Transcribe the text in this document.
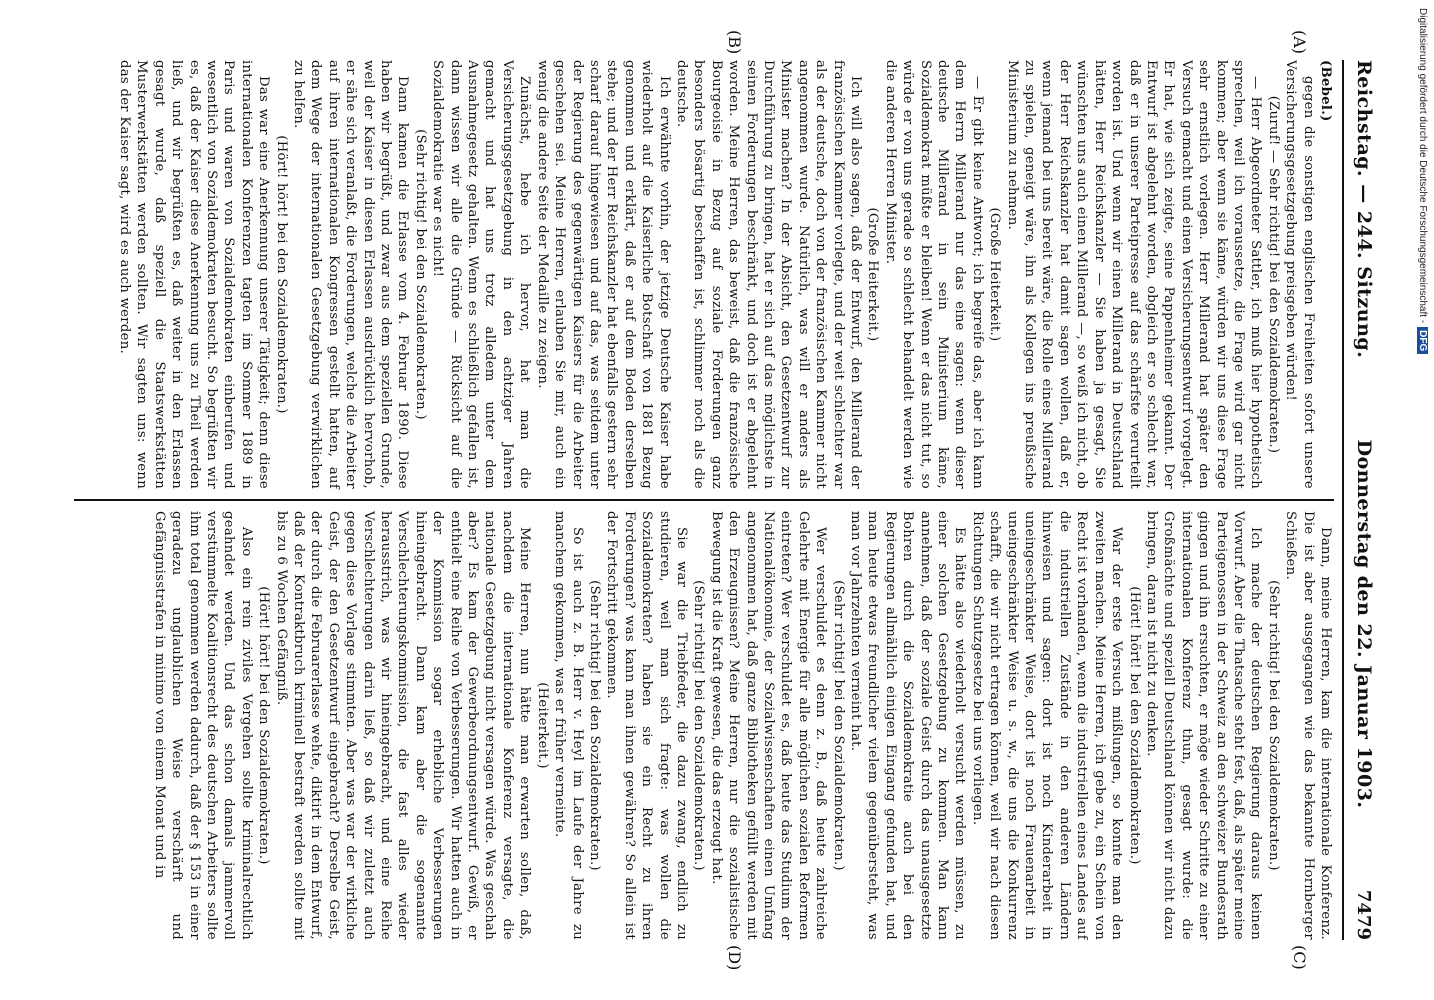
Reichstag. — 244. Sitzung.
Donnerstag den 22. Januar 1903.
7479
(A)
(B)
(C)
(D)

(Bebel.)

gegen die sonstigen englischen Freiheiten sofort unsere Versicherungsgesetzgebung preisgeben würden!

(Zuruf! — Sehr richtig! bei den Sozialdemokraten.)

— Herr Abgeordneter Sattler, ich muß hier hypothetisch sprechen, weil ich voraussetze, die Frage wird gar nicht kommen; aber wenn sie käme, würden wir uns diese Frage sehr ernstlich vorlegen. Herr Millerand hat später den Versuch gemacht und einen Versicherungsentwurf vorgelegt. Er hat, wie sich zeigte, seine Pappenheimer gekannt. Der Entwurf ist abgelehnt worden, obgleich er so schlecht war, daß er in unserer Parteipresse auf das schärfste verurteilt worden ist. Und wenn wir einen Millerand in Deutschland hätten, Herr Reichskanzler — Sie haben ja gesagt, Sie wünschten uns auch einen Millerand —, so weiß ich nicht, ob der Herr Reichskanzler hat damit sagen wollen, daß er, wenn jemand bei uns bereit wäre, die Rolle eines Millerand zu spielen, geneigt wäre, ihn als Kollegen ins preußische Ministerium zu nehmen.

(Große Heiterkeit.)

— Er gibt keine Antwort; ich begreife das, aber ich kann dem Herrn Millerand nur das eine sagen: wenn dieser deutsche Millerand in sein Ministerium käme, Sozialdemokrat müßte er bleiben! Wenn er das nicht tut, so würde er von uns gerade so schlecht behandelt werden wie die anderen Herren Minister.

(Große Heiterkeit.)

Ich will also sagen, daß der Entwurf, den Millerand der französischen Kammer vorlegte, und der weit schlechter war als der deutsche, doch von der französischen Kammer nicht angenommen wurde. Natürlich, was will er anders als Minister machen? In der Absicht, den Gesetzentwurf zur Durchführung zu bringen, hat er sich auf das möglichste in seinen Forderungen beschränkt, und doch ist er abgelehnt worden. Meine Herren, das beweist, daß die französische Bourgeoisie in Bezug auf soziale Forderungen ganz besonders bösartig beschaffen ist, schlimmer noch als die deutsche.

Ich erwähnte vorhin, der jetzige Deutsche Kaiser habe wiederholt auf die Kaiserliche Botschaft von 1881 Bezug genommen und erklärt, daß er auf dem Boden derselben stehe; und der Herr Reichskanzler hat ebenfalls gestern sehr scharf darauf hingewiesen und auf das, was seitdem unter der Regierung des gegenwärtigen Kaisers für die Arbeiter geschehen sei. Meine Herren, erlauben Sie mir, auch ein wenig die andere Seite der Medaille zu zeigen.

Zunächst, hebe ich hervor, hat man die Versicherungsgesetzgebung in den achtziger Jahren gemacht und hat uns trotz alledem unter dem Ausnahmegesetz gehalten. Wenn es schließlich gefallen ist, dann wissen wir alle die Gründe — Rücksicht auf die Sozialdemokratie war es nicht!

(Sehr richtig! bei den Sozialdemokraten.)

Dann kamen die Erlasse vom 4. Februar 1890. Diese haben wir begrüßt, und zwar aus dem speziellen Grunde, weil der Kaiser in diesen Erlassen ausdrücklich hervorhob, er sähe sich veranlaßt, die Forderungen, welche die Arbeiter auf ihren internationalen Kongressen gestellt hatten, auf dem Wege der internationalen Gesetzgebung verwirklichen zu helfen.

(Hört! hört! bei den Sozialdemokraten.)

Das war eine Anerkennung unserer Tätigkeit; denn diese internationalen Konferenzen tagten im Sommer 1889 in Paris und waren von Sozialdemokraten einberufen und wesentlich von Sozialdemokraten besucht. So begrüßten wir es, daß der Kaiser diese Anerkennung uns zu Theil werden ließ, und wir begrüßten es, daß weiter in den Erlassen gesagt wurde, daß speziell die Staatswerkstätten Musterwerkstätten werden sollten. Wir sagten uns: wenn das der Kaiser sagt, wird es auch werden.

Dann, meine Herren, kam die internationale Konferenz. Die ist aber ausgegangen wie das bekannte Hornberger Schießen.

(Sehr richtig! bei den Sozialdemokraten.)

Ich mache der deutschen Regierung daraus keinen Vorwurf. Aber die Thatsache steht fest, daß, als später meine Parteigenossen in der Schweiz an den schweizer Bundesrath gingen und ihn ersuchten, er möge wieder Schritte zu einer internationalen Konferenz thun, gesagt wurde: die Großmächte und speziell Deutschland können wir nicht dazu bringen, daran ist nicht zu denken.

(Hört! hört! bei den Sozialdemokraten.)

War der erste Versuch mißlungen, so konnte man den zweiten machen. Meine Herren, ich gebe zu, ein Schein von Recht ist vorhanden, wenn die industriellen eines Landes auf die industriellen Zustände in den anderen Ländern hinweisen und sagen: dort ist noch Kinderarbeit in uneingeschränkter Weise, dort ist noch Frauenarbeit in uneingeschränkter Weise u. s. w., die uns die Konkurrenz schafft, die wir nicht ertragen können, weil wir nach diesen Richtungen Schutzgesetze bei uns vorliegen.

Es hätte also wiederholt versucht werden müssen, zu einer solchen Gesetzgebung zu kommen. Man kann annehmen, daß der soziale Geist durch das unausgesetzte Bohren durch die Sozialdemokratie auch bei den Regierungen allmählich einigen Eingang gefunden hat, und man heute etwas freundlicher vielem gegenübersteht, was man vor Jahrzehnten verneint hat.

(Sehr richtig! bei den Sozialdemokraten.)

Wer verschuldet es denn z. B., daß heute zahlreiche Gelehrte mit Energie für alle möglichen sozialen Reformen eintreten? Wer verschuldet es, daß heute das Studium der Nationalökonomie, der Sozialwissenschaften einen Umfang angenommen hat, daß ganze Bibliotheken gefüllt werden mit den Erzeugnissen? Meine Herren, nur die sozialistische Bewegung ist die Kraft gewesen, die das erzeugt hat.

(Sehr richtig! bei den Sozialdemokraten.)

Sie war die Triebfeder, die dazu zwang, endlich zu studieren, weil man sich fragte: was wollen die Sozialdemokraten? haben sie ein Recht zu ihren Forderungen? was kann man ihnen gewähren? So allein ist der Fortschritt gekommen.

(Sehr richtig! bei den Sozialdemokraten.)

So ist auch z. B. Herr v. Heyl im Laufe der Jahre zu manchem gekommen, was er früher verneinte.

(Heiterkeit.)

Meine Herren, nun hätte man erwarten sollen, daß, nachdem die internationale Konferenz versagte, die nationale Gesetzgebung nicht versagen würde. Was geschah aber? Es kam der Gewerbeordnungsentwurf. Gewiß, er enthielt eine Reihe von Verbesserungen. Wir hatten auch in der Kommission sogar erhebliche Verbesserungen hineingebracht. Dann kam aber die sogenannte Verschlechterungskommission, die fast alles wieder herausstrich, was wir hineingebracht, und eine Reihe Verschlechterungen darin ließ, so daß wir zuletzt auch gegen diese Vorlage stimmten. Aber was war der wirkliche Geist, der den Gesetzentwurf eingebracht? Derselbe Geist, der durch die Februarerlasse wehte, diktirt in dem Entwurf, daß der Kontraktbruch kriminell bestraft werden sollte mit bis zu 6 Wochen Gefängniß.

(Hört! hört! bei den Sozialdemokraten.)

Also ein rein ziviles Vergehen sollte kriminalrechtlich geahndet werden. Und das schon damals jammervoll verstümmelte Koalitionsrecht des deutschen Arbeiters sollte ihm total genommen werden dadurch, daß der § 153 in einer geradezu unglaublichen Weise verschärft und Gefängnisstrafen in minimo von einem Monat und in

Digitalisierung gefördert durch die Deutsche Forschungsgemeinschaft -DFG
